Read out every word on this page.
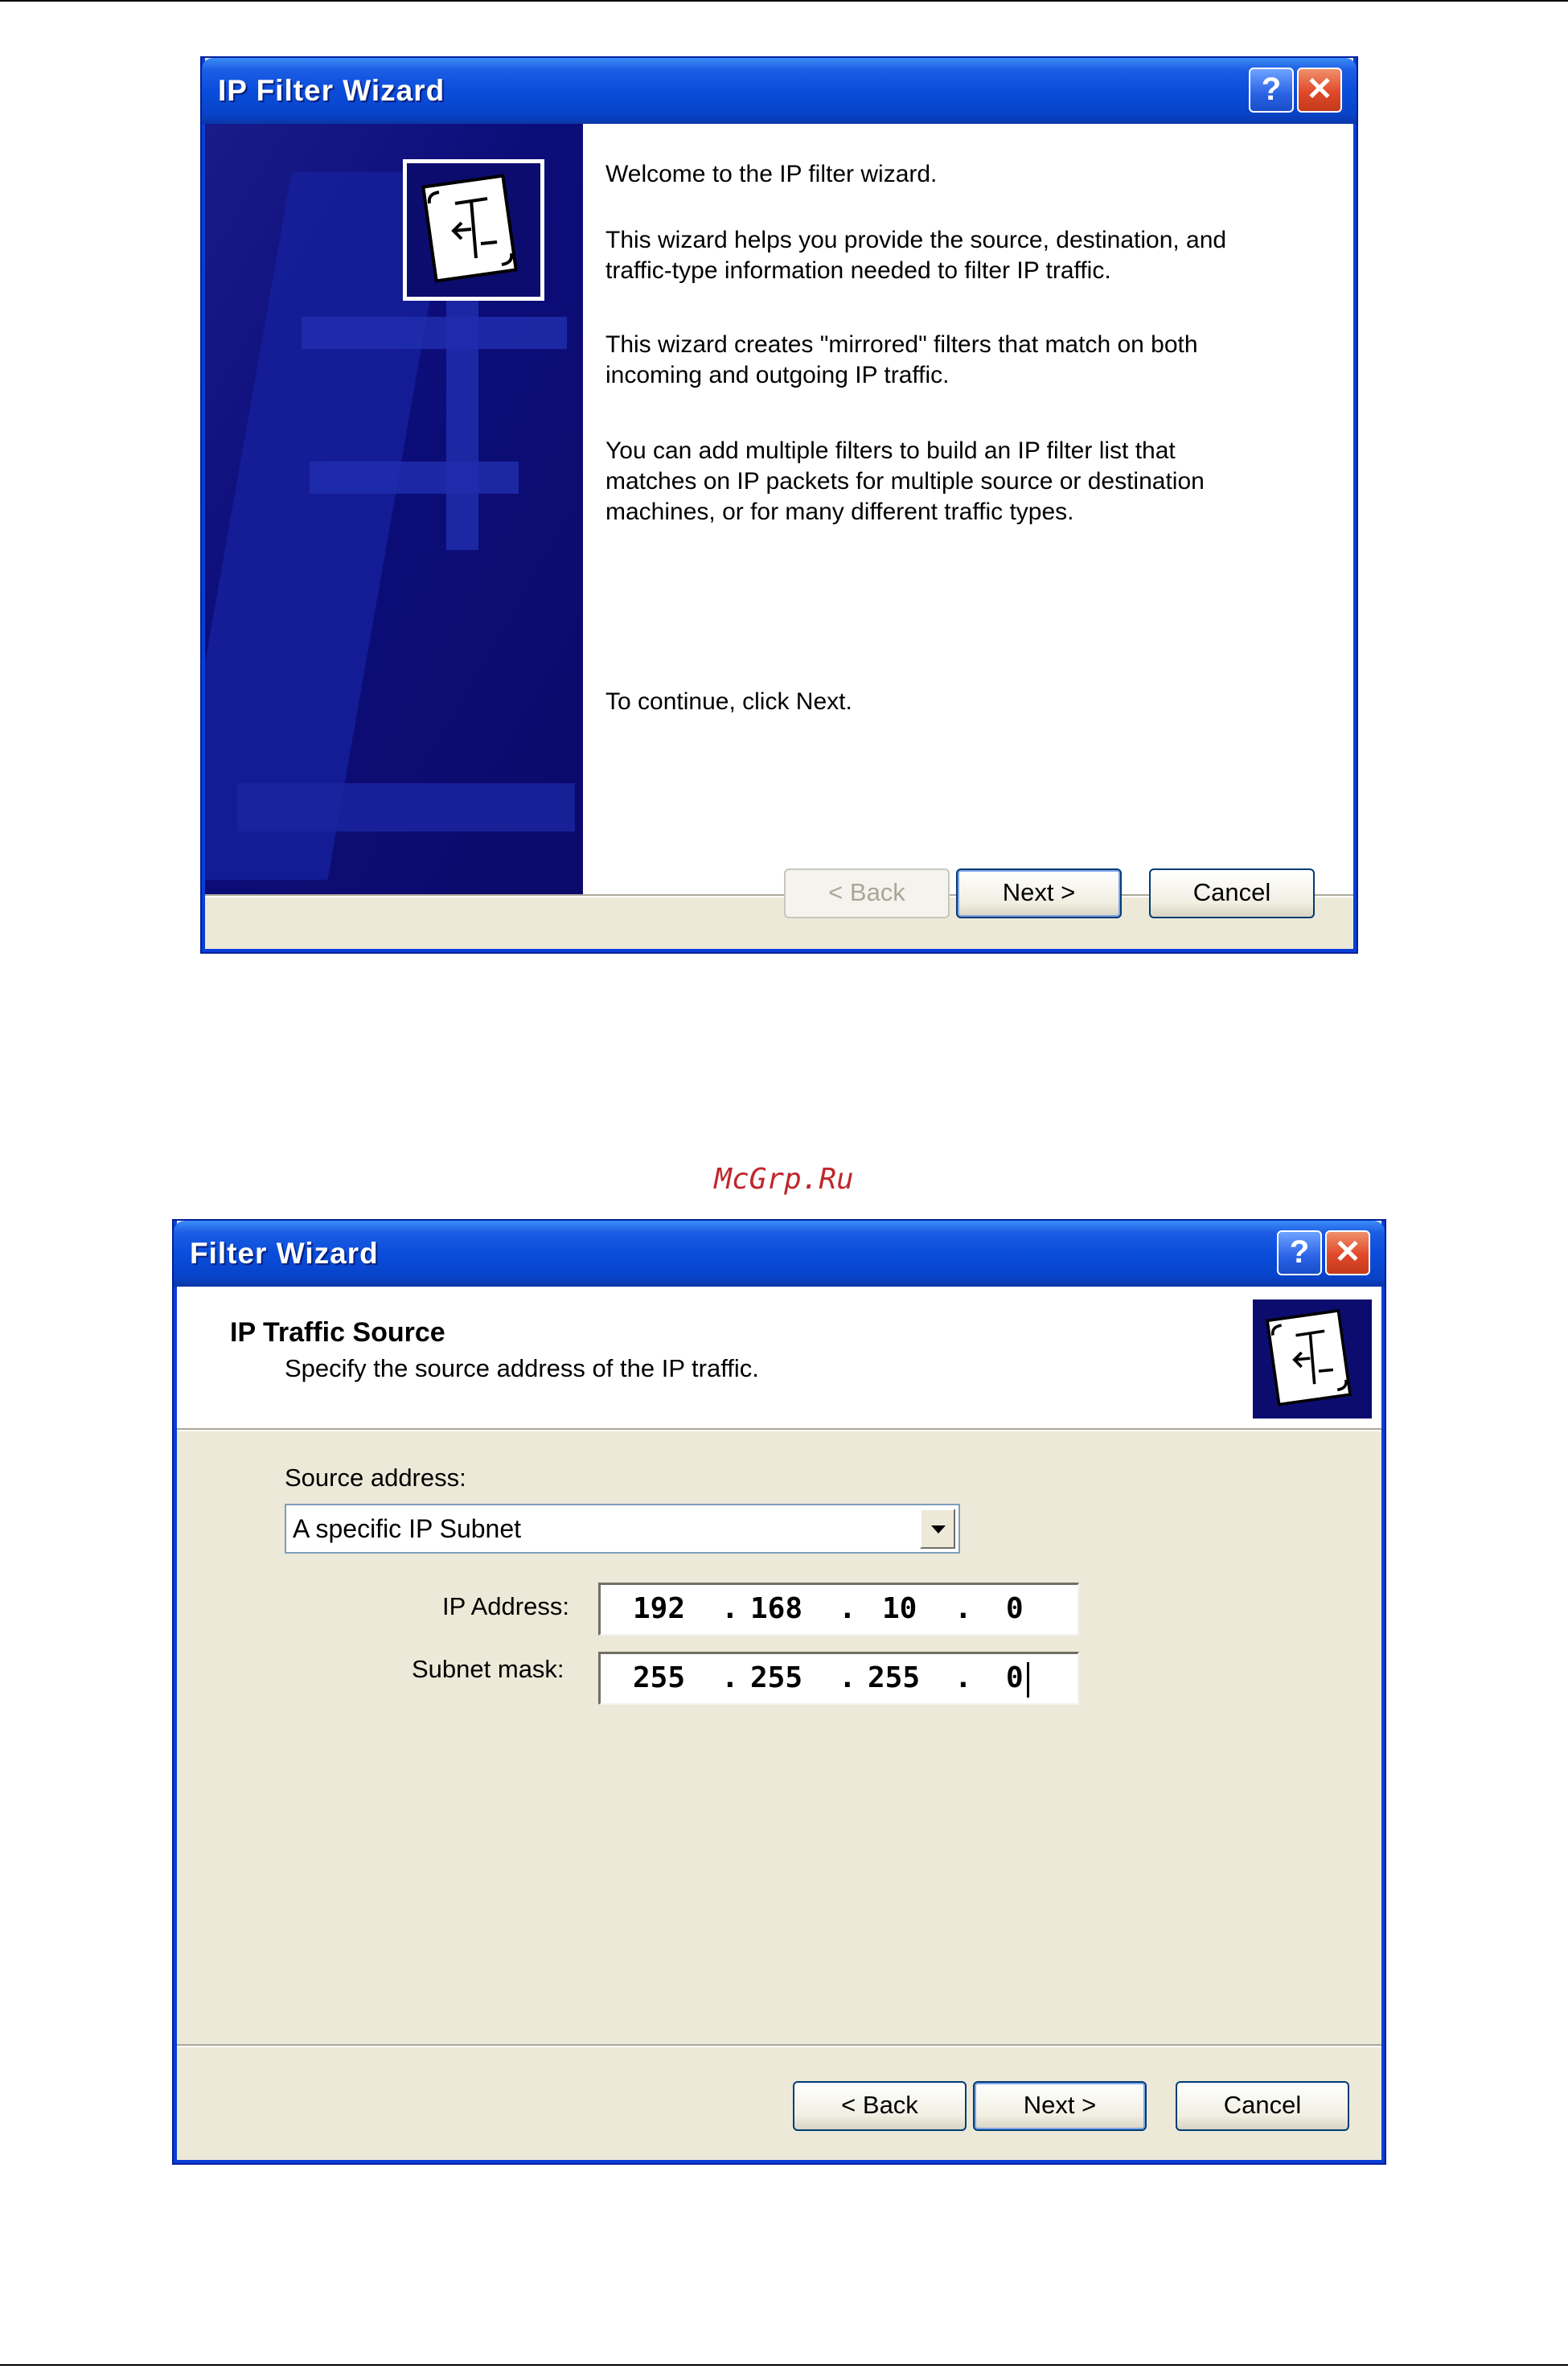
IP Filter Wizard	? ✕

Welcome to the IP filter wizard.

This wizard helps you provide the source, destination, and traffic-type information needed to filter IP traffic.

This wizard creates "mirrored" filters that match on both incoming and outgoing IP traffic.

You can add multiple filters to build an IP filter list that matches on IP packets for multiple source or destination machines, or for many different traffic types.

To continue, click Next.

< Back	Next >	Cancel
McGrp.Ru
Filter Wizard	? ✕
IP Traffic Source
Specify the source address of the IP traffic.
Source address:
A specific IP Subnet
IP Address: 192 . 168 . 10 . 0
Subnet mask: 255 . 255 . 255 . 0
< Back	Next >	Cancel
